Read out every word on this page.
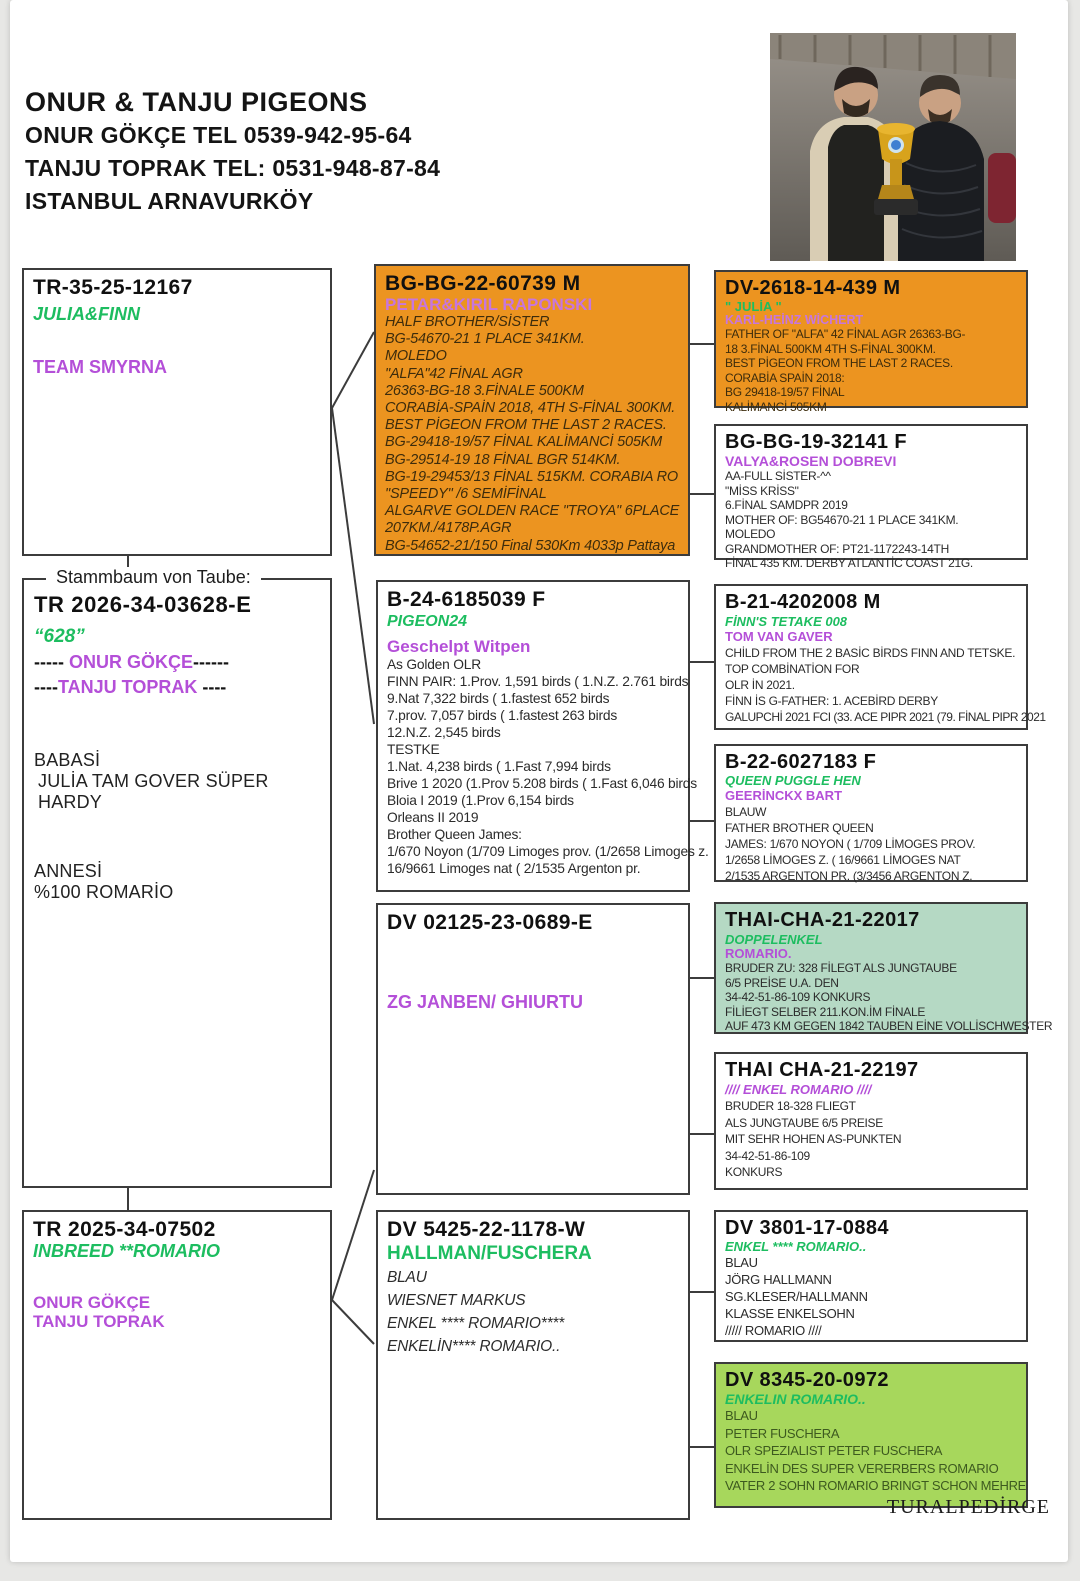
ONUR & TANJU PIGEONS
ONUR GÖKÇE TEL 0539-942-95-64
TANJU TOPRAK TEL: 0531-948-87-84
ISTANBUL ARNAVURKÖY
TR-35-25-12167
JULIA&FINN
TEAM SMYRNA
Stammbaum von Taube:
TR 2026-34-03628-E
“628”
----- ONUR GÖKÇE------
----TANJU TOPRAK ----
BABASİ
JULİA TAM GOVER SÜPER HARDY
ANNESİ
%100 ROMARİO
TR 2025-34-07502
INBREED **ROMARIO
ONUR GÖKÇE
TANJU TOPRAK
BG-BG-22-60739 M
PETAR&KIRIL RAPONSKI
HALF BROTHER/SİSTER
BG-54670-21 1 PLACE 341KM.
MOLEDO
"ALFA"42 FİNAL AGR
26363-BG-18 3.FİNALE 500KM
CORABİA-SPAİN 2018, 4TH S-FİNAL 300KM.
BEST PİGEON FROM THE LAST 2 RACES.
BG-29418-19/57 FİNAL KALİMANCİ 505KM
BG-29514-19 18 FİNAL BGR 514KM.
BG-19-29453/13 FİNAL 515KM. CORABIA RO
"SPEEDY" /6 SEMİFİNAL
ALGARVE GOLDEN RACE "TROYA" 6PLACE
207KM./4178P.AGR
BG-54652-21/150 Final 530Km 4033p Pattaya
B-24-6185039 F
PIGEON24
Geschelpt Witpen
As Golden OLR
FINN PAIR: 1.Prov. 1,591 birds ( 1.N.Z. 2.761 birds
9.Nat 7,322 birds ( 1.fastest 652 birds
7.prov. 7,057 birds ( 1.fastest 263 birds
12.N.Z. 2,545 birds
TESTKE
1.Nat. 4,238 birds ( 1.Fast 7,994 birds
Brive 1 2020 (1.Prov 5.208 birds ( 1.Fast 6,046 birds
Bloia I 2019 (1.Prov 6,154 birds
Orleans II 2019
Brother Queen James:
1/670 Noyon (1/709 Limoges prov. (1/2658 Limoges z.
16/9661 Limoges nat ( 2/1535 Argenton pr.
DV 02125-23-0689-E
ZG JANBEN/ GHIURTU
DV 5425-22-1178-W
HALLMAN/FUSCHERA
BLAU
WIESNET MARKUS
ENKEL **** ROMARIO****
ENKELİN**** ROMARIO..
DV-2618-14-439 M
" JULİA "
KARL-HEİNZ WİCHERT
FATHER OF "ALFA" 42 FİNAL AGR 26363-BG-
18 3.FİNAL 500KM 4TH S-FİNAL 300KM.
BEST PİGEON FROM THE LAST 2 RACES.
CORABİA SPAİN 2018:
BG 29418-19/57 FİNAL
KALİMANCİ 505KM
BG-BG-19-32141 F
VALYA&ROSEN DOBREVI
AA-FULL SİSTER-^^
"MİSS KRİSS"
6.FİNAL SAMDPR 2019
MOTHER OF: BG54670-21 1 PLACE 341KM.
MOLEDO
GRANDMOTHER OF: PT21-1172243-14TH
FİNAL 435 KM. DERBY ATLANTİC COAST 21G.
B-21-4202008 M
FİNN'S TETAKE 008
TOM VAN GAVER
CHİLD FROM THE 2 BASİC BİRDS FINN AND TETSKE.
TOP COMBİNATİON FOR
OLR İN 2021.
FİNN İS G-FATHER: 1. ACEBİRD DERBY
GALUPCHİ 2021 FCI (33. ACE PIPR 2021 (79. FİNAL PIPR 2021
B-22-6027183 F
QUEEN PUGGLE HEN
GEERİNCKX BART
BLAUW
FATHER BROTHER QUEEN
JAMES: 1/670 NOYON ( 1/709 LİMOGES PROV.
1/2658 LİMOGES Z. ( 16/9661 LİMOGES NAT
2/1535 ARGENTON PR. (3/3456 ARGENTON Z.
THAI-CHA-21-22017
DOPPELENKEL
ROMARIO.
BRUDER ZU: 328 FİLEGT ALS JUNGTAUBE
6/5 PREİSE U.A. DEN
34-42-51-86-109 KONKURS
FİLİEGT SELBER 211.KON.İM FİNALE
AUF 473 KM GEGEN 1842 TAUBEN EİNE VOLLİSCHWESTER
THAI CHA-21-22197
//// ENKEL ROMARIO ////
BRUDER 18-328 FLIEGT
ALS JUNGTAUBE 6/5 PREISE
MIT SEHR HOHEN AS-PUNKTEN
34-42-51-86-109
KONKURS
DV 3801-17-0884
ENKEL **** ROMARIO..
BLAU
JÖRG HALLMANN
SG.KLESER/HALLMANN
KLASSE ENKELSOHN
///// ROMARIO ////
DV 8345-20-0972
ENKELIN ROMARIO..
BLAU
PETER FUSCHERA
OLR SPEZIALIST PETER FUSCHERA
ENKELİN DES SUPER VERERBERS ROMARIO
VATER 2 SOHN ROMARIO BRINGT SCHON MEHRE
TURALPEDİRGE
